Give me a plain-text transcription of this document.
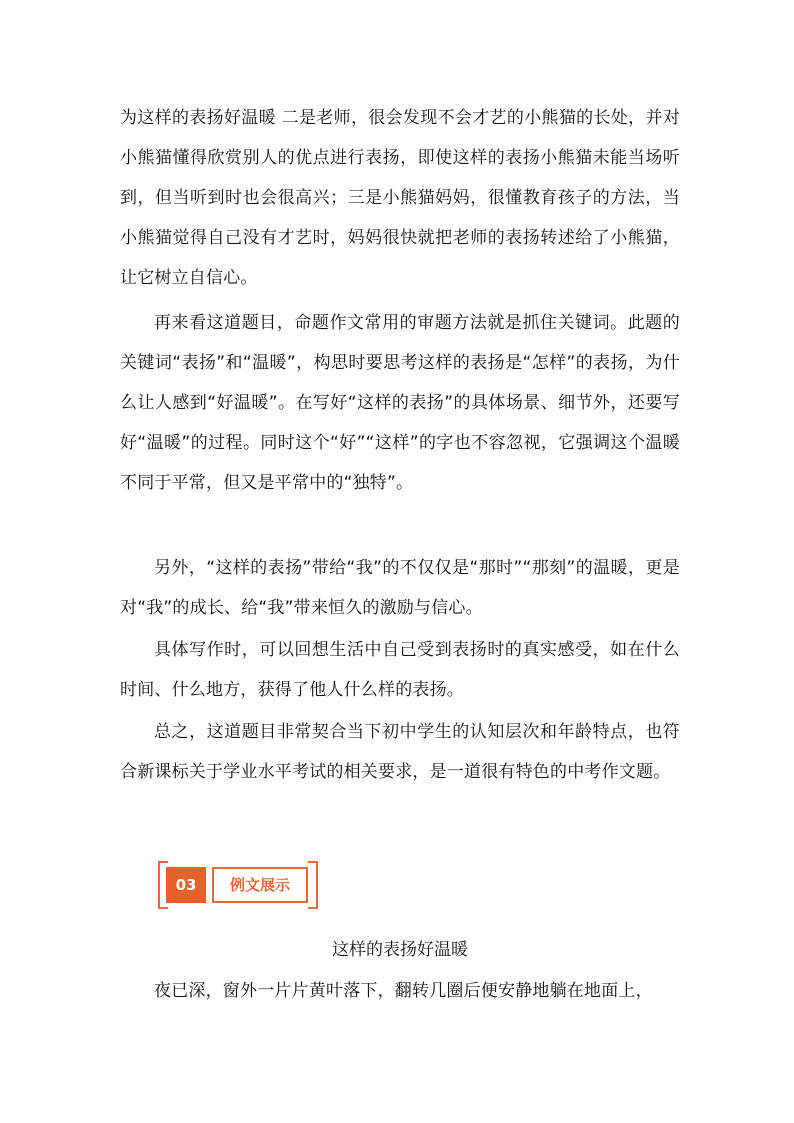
为这样的表扬好温暖 二是老师，很会发现不会才艺的小熊猫的长处，并对小熊猫懂得欣赏别人的优点进行表扬，即使这样的表扬小熊猫未能当场听到，但当听到时也会很高兴；三是小熊猫妈妈，很懂教育孩子的方法，当小熊猫觉得自己没有才艺时，妈妈很快就把老师的表扬转述给了小熊猫，让它树立自信心。

再来看这道题目，命题作文常用的审题方法就是抓住关键词。此题的关键词“表扬”和“温暖”，构思时要思考这样的表扬是“怎样”的表扬，为什么让人感到“好温暖”。在写好“这样的表扬”的具体场景、细节外，还要写好“温暖”的过程。同时这个“好”“这样”的字也不容忽视，它强调这个温暖不同于平常，但又是平常中的“独特”。

另外，“这样的表扬”带给“我”的不仅仅是“那时”“那刻”的温暖，更是对“我”的成长、给“我”带来恒久的激励与信心。

具体写作时，可以回想生活中自己受到表扬时的真实感受，如在什么时间、什么地方，获得了他人什么样的表扬。

总之，这道题目非常契合当下初中学生的认知层次和年龄特点，也符合新课标关于学业水平考试的相关要求，是一道很有特色的中考作文题。

03	例文展示

这样的表扬好温暖

夜已深，窗外一片片黄叶落下，翻转几圈后便安静地躺在地面上，
